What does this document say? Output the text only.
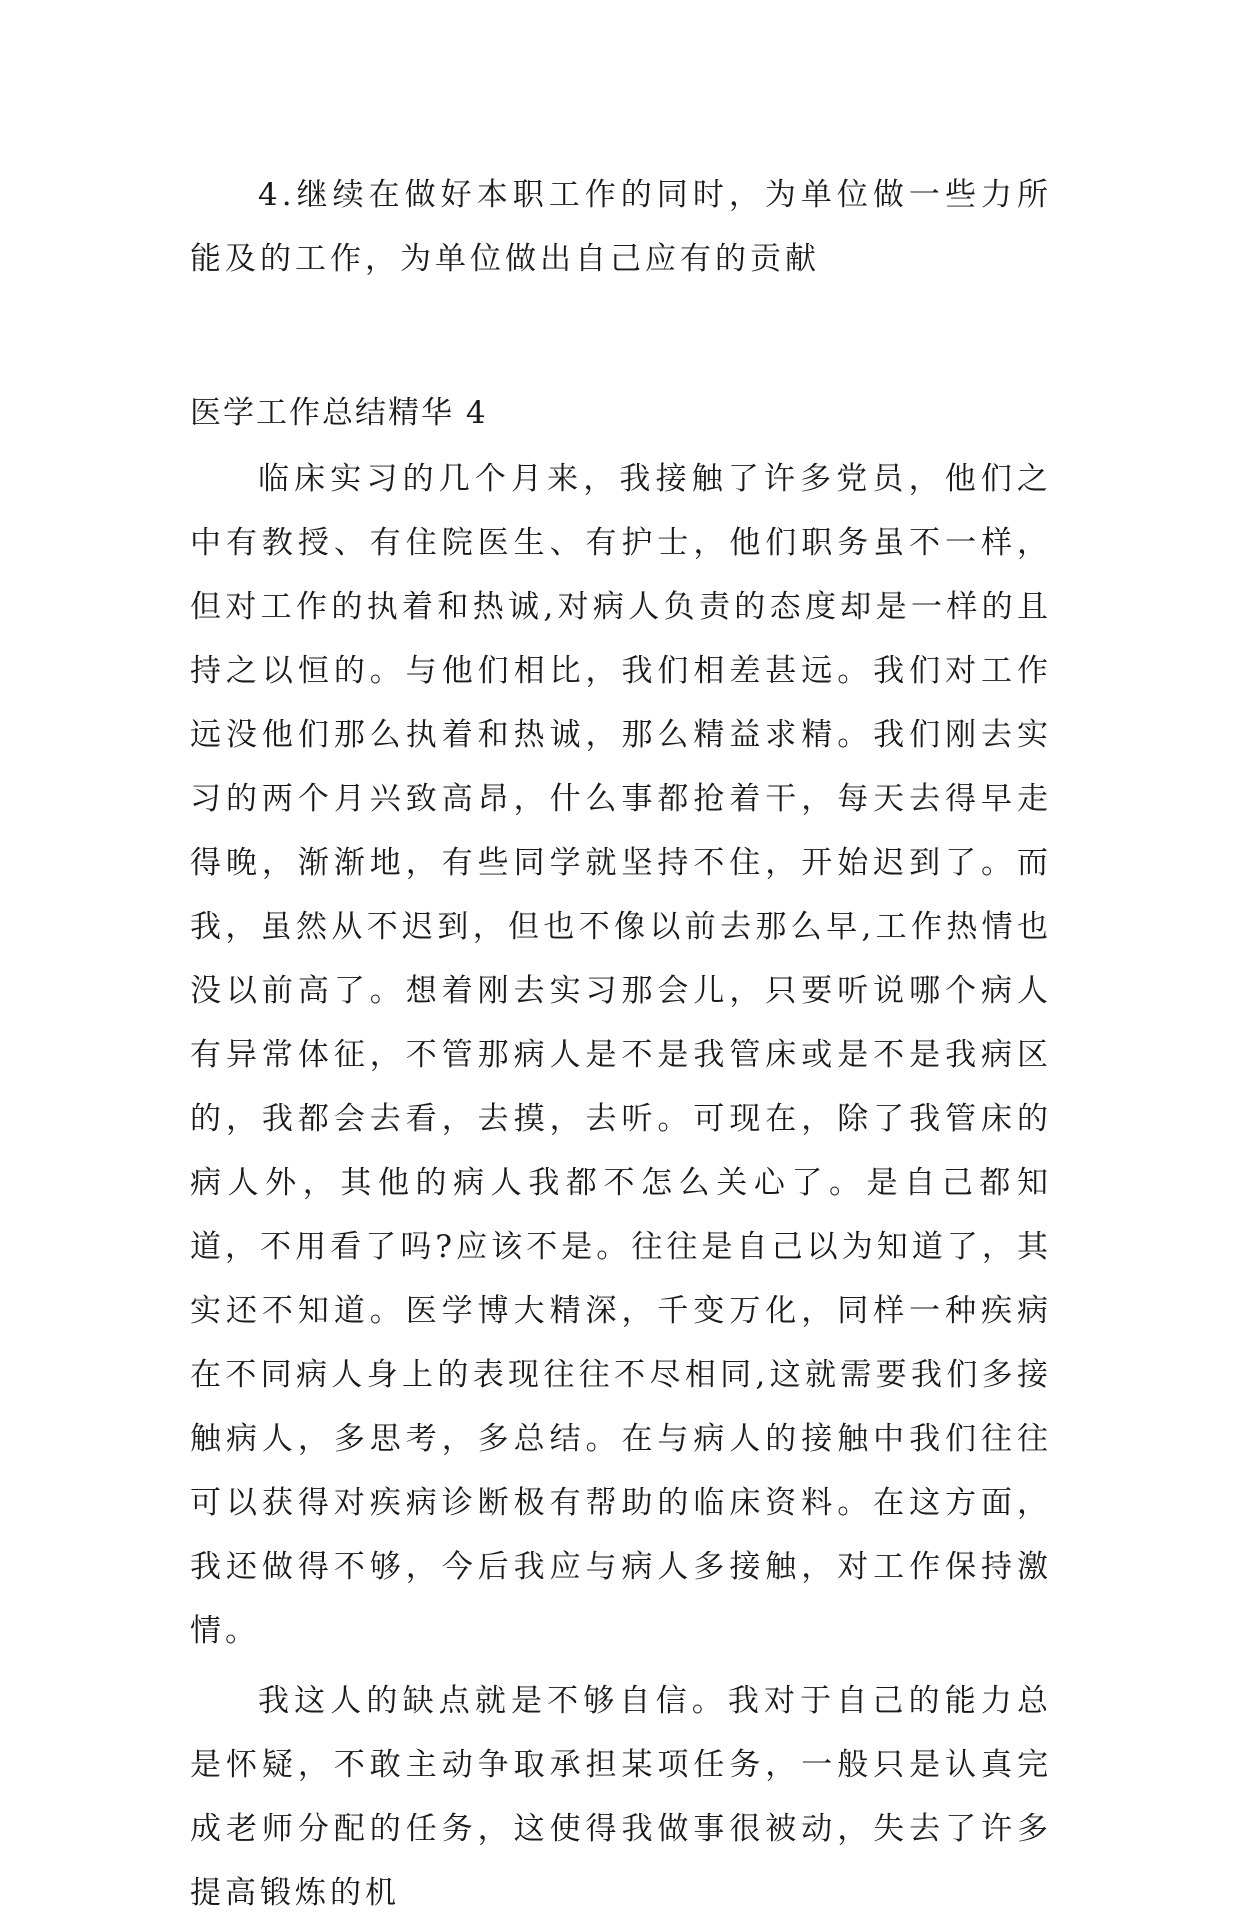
4.继续在做好本职工作的同时，为单位做一些力所能及的工作，为单位做出自己应有的贡献

医学工作总结精华 4

临床实习的几个月来，我接触了许多党员，他们之中有教授、有住院医生、有护士，他们职务虽不一样，但对工作的执着和热诚,对病人负责的态度却是一样的且持之以恒的。与他们相比，我们相差甚远。我们对工作远没他们那么执着和热诚，那么精益求精。我们刚去实习的两个月兴致高昂，什么事都抢着干，每天去得早走得晚，渐渐地，有些同学就坚持不住，开始迟到了。而我，虽然从不迟到，但也不像以前去那么早,工作热情也没以前高了。想着刚去实习那会儿，只要听说哪个病人有异常体征，不管那病人是不是我管床或是不是我病区的，我都会去看，去摸，去听。可现在，除了我管床的病人外，其他的病人我都不怎么关心了。是自己都知道，不用看了吗?应该不是。往往是自己以为知道了，其实还不知道。医学博大精深，千变万化，同样一种疾病在不同病人身上的表现往往不尽相同,这就需要我们多接触病人，多思考，多总结。在与病人的接触中我们往往可以获得对疾病诊断极有帮助的临床资料。在这方面，我还做得不够，今后我应与病人多接触，对工作保持激情。

我这人的缺点就是不够自信。我对于自己的能力总是怀疑，不敢主动争取承担某项任务，一般只是认真完成老师分配的任务，这使得我做事很被动，失去了许多提高锻炼的机
